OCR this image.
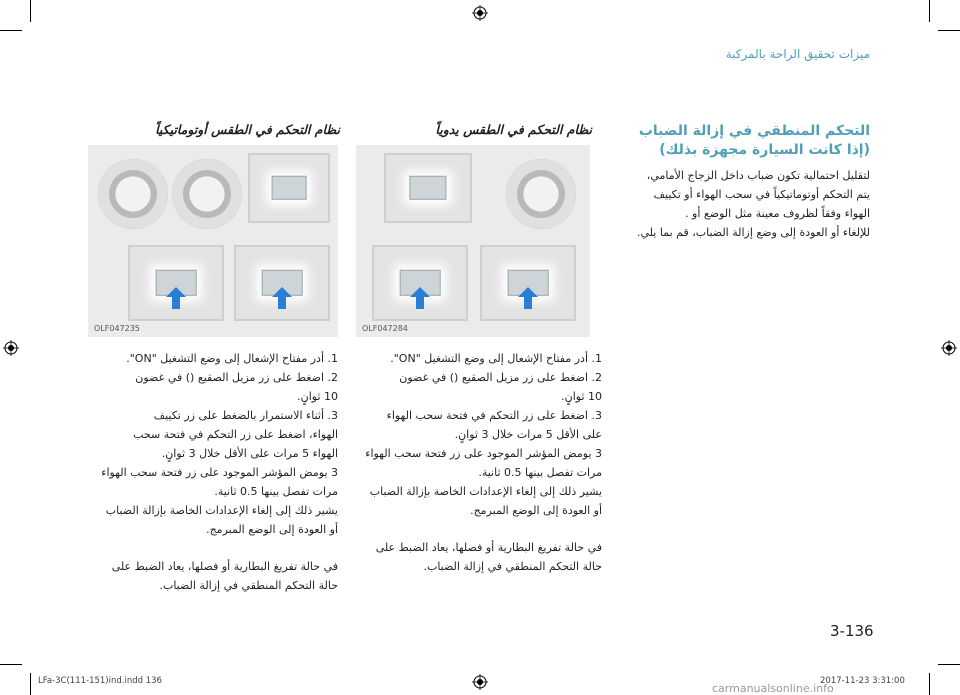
ميزات تحقيق الراحة بالمركبة
التحكم المنطقي في إزالة الضباب
(إذا كانت السيارة مجهزة بذلك)
لتقليل احتمالية تكون ضباب داخل الزجاج الأمامي،
يتم التحكم أوتوماتيكياً في سحب الهواء أو تكييف
الهواء وفقاً لظروف معينة مثل الوضع أو .
للإلغاء أو العودة إلى وضع إزالة الضباب، قم بما يلي.
نظام التحكم في الطقس يدوياً
OLF047284
1. أدر مفتاح الإشعال إلى وضع التشغيل "ON".
2. اضغط على زر مزيل الصقيع () في غضون
10 ثوانٍ.
3. اضغط على زر التحكم في فتحة سحب الهواء
على الأقل 5 مرات خلال 3 ثوانٍ.
3 يومض المؤشر الموجود على زر فتحة سحب الهواء
مرات تفصل بينها 0.5 ثانية.
يشير ذلك إلى إلغاء الإعدادات الخاصة بإزالة الضباب
أو العودة إلى الوضع المبرمج.
في حالة تفريغ البطارية أو فصلها، يعاد الضبط على
حالة التحكم المنطقي في إزالة الضباب.
نظام التحكم في الطقس أوتوماتيكياً
OLF047235
1. أدر مفتاح الإشعال إلى وضع التشغيل "ON".
2. اضغط على زر مزيل الصقيع () في غضون
10 ثوانٍ.
3. أثناء الاستمرار بالضغط على زر تكييف
الهواء، اضغط على زر التحكم في فتحة سحب
الهواء 5 مرات على الأقل خلال 3 ثوانٍ.
3 يومض المؤشر الموجود على زر فتحة سحب الهواء
مرات تفصل بينها 0.5 ثانية.
يشير ذلك إلى إلغاء الإعدادات الخاصة بإزالة الضباب
أو العودة إلى الوضع المبرمج.
في حالة تفريغ البطارية أو فصلها، يعاد الضبط على
حالة التحكم المنطقي في إزالة الضباب.
3-136
LFa-3C(111-151)ind.indd 136	2017-11-23 3:31:00
carmanualsonline.info
